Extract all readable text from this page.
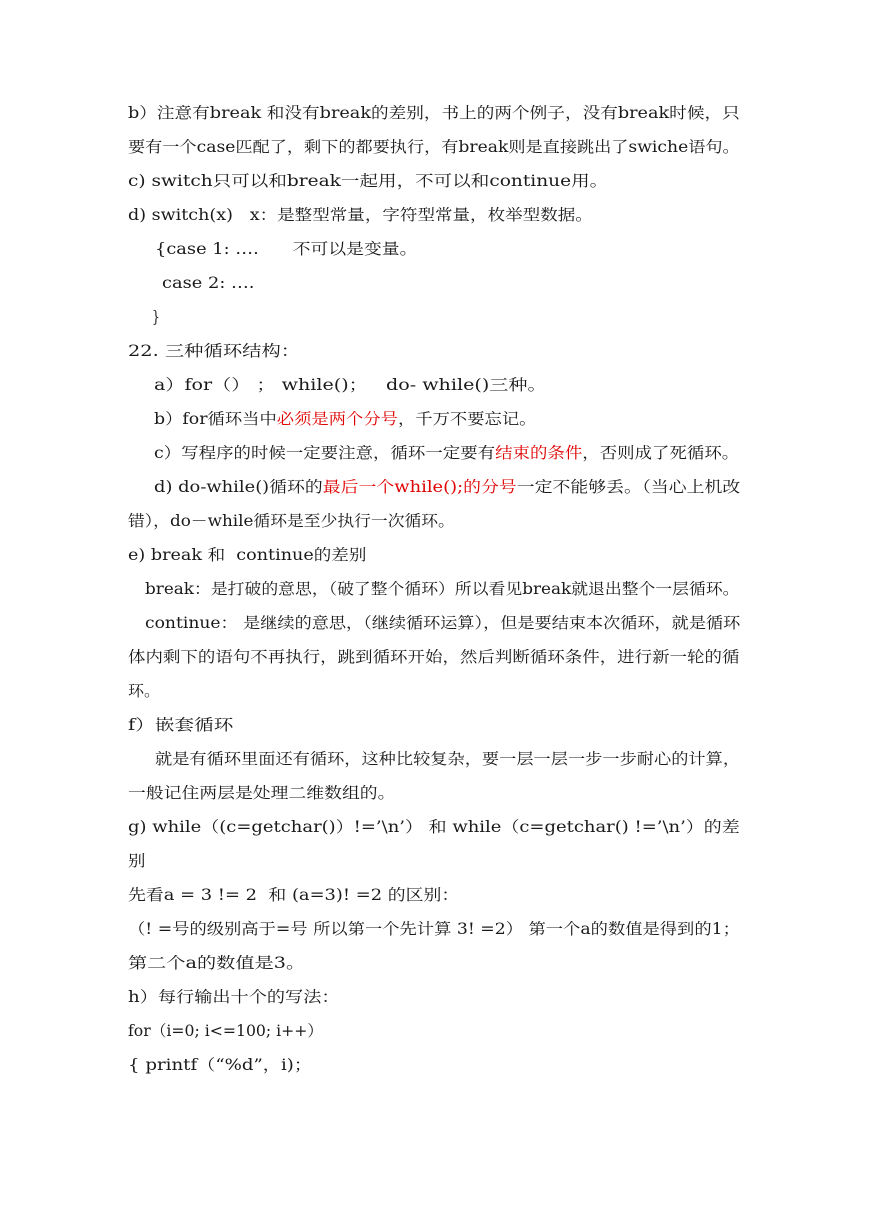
b）注意有break 和没有break的差别，书上的两个例子，没有break时候，只
要有一个case匹配了，剩下的都要执行，有break则是直接跳出了swiche语句。
c) switch只可以和break一起用，不可以和continue用。
d) switch(x)   x：是整型常量，字符型常量，枚举型数据。
{case 1: ….      不可以是变量。
case 2: ….
}
22. 三种循环结构：
a）for（） ； while()；   do- while()三种。
b）for循环当中必须是两个分号，千万不要忘记。
c）写程序的时候一定要注意，循环一定要有结束的条件，否则成了死循环。
d) do-while()循环的最后一个while();的分号一定不能够丢。（当心上机改
错），do－while循环是至少执行一次循环。
e) break 和  continue的差别
break：是打破的意思，（破了整个循环）所以看见break就退出整个一层循环。
continue： 是继续的意思，（继续循环运算），但是要结束本次循环，就是循环
体内剩下的语句不再执行，跳到循环开始，然后判断循环条件，进行新一轮的循
环。
f）嵌套循环
就是有循环里面还有循环，这种比较复杂，要一层一层一步一步耐心的计算，
一般记住两层是处理二维数组的。
g) while（(c=getchar()）!=’\n’） 和 while（c=getchar() !=’\n’）的差
别
先看a = 3 != 2  和 (a=3)! =2 的区别：
（! =号的级别高于=号 所以第一个先计算 3! =2） 第一个a的数值是得到的1；
第二个a的数值是3。
h）每行输出十个的写法：
for（i=0; i<=100; i++）
{ printf（“%d”，i)；
